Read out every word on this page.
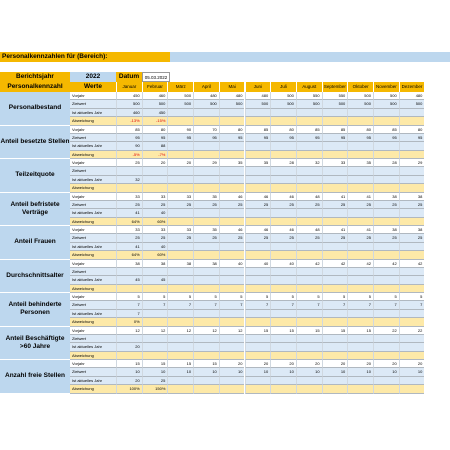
Personalkennzahlen für (Bereich):
Berichtsjahr	2022	Datum	05.03.2022
Personalkennzahl	Werte	Januar	Februar	März	April	Mai	Juni	Juli	August	September	Oktober	November	Dezember
Personalbestand
Vorjahr	450	460	500	480	480	480	500	550	550	500	500	480
Zielwert	500	500	500	500	500	500	500	500	500	500	500	500
Ist aktuelles Jahr	460	450
Abweichung	-13%	-15%
Anteil besetzte Stellen
Vorjahr	85	80	90	70	80	85	80	85	85	80	85	80
Zielwert	95	95	95	95	95	95	95	95	95	95	95	95
Ist aktuelles Jahr	90	88
Abweichung	-5%	-7%
Teilzeitquote
Vorjahr	25	20	20	29	35	35	28	32	33	35	28	29
Zielwert
Ist aktuelles Jahr	32
Abweichung
Anteil befristete Verträge
Vorjahr	33	33	33	35	46	46	46	48	41	41	38	38
Zielwert	25	25	25	25	25	25	25	25	25	25	25	25
Ist aktuelles Jahr	41	40
Abweichung	64%	60%
Anteil Frauen
Vorjahr	33	33	33	35	46	46	46	48	41	41	38	38
Zielwert	25	25	25	25	25	25	25	25	25	25	25	25
Ist aktuelles Jahr	41	40
Abweichung	64%	60%
Durchschnittsalter
Vorjahr	38	38	38	38	40	40	40	42	42	42	42	42
Zielwert
Ist aktuelles Jahr	45	45
Abweichung
Anteil behinderte Personen
Vorjahr	5	5	5	5	5	5	5	5	5	5	5	5
Zielwert	7	7	7	7	7	7	7	7	7	7	7	7
Ist aktuelles Jahr	7
Abweichung	0%
Anteil Beschäftigte >60 Jahre
Vorjahr	12	12	12	12	12	15	15	15	15	15	22	22
Zielwert
Ist aktuelles Jahr	20
Abweichung
Anzahl freie Stellen
Vorjahr	15	15	15	15	20	20	20	20	20	20	20	20
Zielwert	10	10	10	10	10	10	10	10	10	10	10	10
Ist aktuelles Jahr	20	25
Abweichung	100%	150%
